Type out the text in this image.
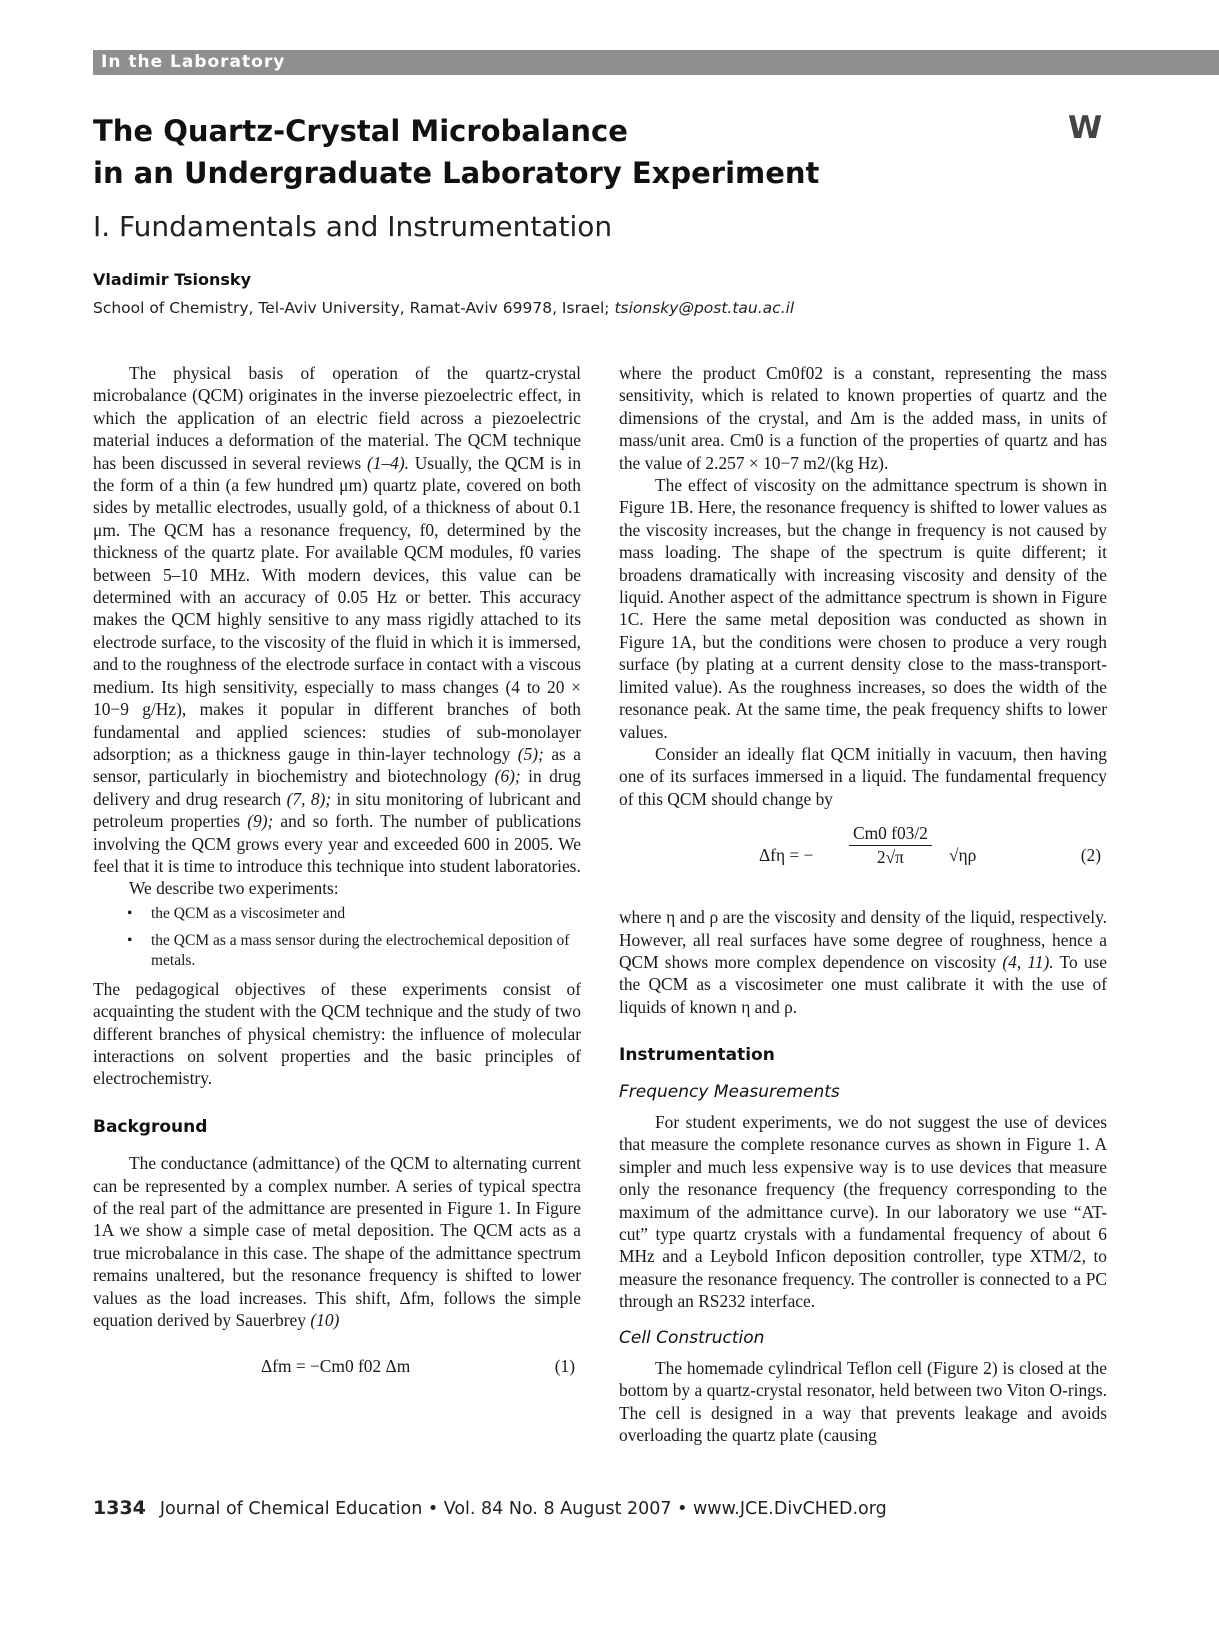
In the Laboratory
The Quartz-Crystal Microbalance
in an Undergraduate Laboratory Experiment
W
I. Fundamentals and Instrumentation
Vladimir Tsionsky
School of Chemistry, Tel-Aviv University, Ramat-Aviv 69978, Israel; tsionsky@post.tau.ac.il

The physical basis of operation of the quartz-crystal microbalance (QCM) originates in the inverse piezoelectric effect, in which the application of an electric field across a piezoelectric material induces a deformation of the material. The QCM technique has been discussed in several reviews (1–4). Usually, the QCM is in the form of a thin (a few hundred μm) quartz plate, covered on both sides by metallic electrodes, usually gold, of a thickness of about 0.1 μm. The QCM has a resonance frequency, f0, determined by the thickness of the quartz plate. For available QCM modules, f0 varies between 5–10 MHz. With modern devices, this value can be determined with an accuracy of 0.05 Hz or better. This accuracy makes the QCM highly sensitive to any mass rigidly attached to its electrode surface, to the viscosity of the fluid in which it is immersed, and to the roughness of the electrode surface in contact with a viscous medium. Its high sensitivity, especially to mass changes (4 to 20 × 10−9 g/Hz), makes it popular in different branches of both fundamental and applied sciences: studies of sub-monolayer adsorption; as a thickness gauge in thin-layer technology (5); as a sensor, particularly in biochemistry and biotechnology (6); in drug delivery and drug research (7, 8); in situ monitoring of lubricant and petroleum properties (9); and so forth. The number of publications involving the QCM grows every year and exceeded 600 in 2005. We feel that it is time to introduce this technique into student laboratories.

We describe two experiments:

• the QCM as a viscosimeter and
• the QCM as a mass sensor during the electrochemical deposition of metals.

The pedagogical objectives of these experiments consist of acquainting the student with the QCM technique and the study of two different branches of physical chemistry: the influence of molecular interactions on solvent properties and the basic principles of electrochemistry.

Background

The conductance (admittance) of the QCM to alternating current can be represented by a complex number. A series of typical spectra of the real part of the admittance are presented in Figure 1. In Figure 1A we show a simple case of metal deposition. The QCM acts as a true microbalance in this case. The shape of the admittance spectrum remains unaltered, but the resonance frequency is shifted to lower values as the load increases. This shift, Δfm, follows the simple equation derived by Sauerbrey (10)

Δfm = −Cm0 f02 Δm	(1)

where the product Cm0f02 is a constant, representing the mass sensitivity, which is related to known properties of quartz and the dimensions of the crystal, and Δm is the added mass, in units of mass/unit area. Cm0 is a function of the properties of quartz and has the value of 2.257 × 10−7 m2/(kg Hz).

The effect of viscosity on the admittance spectrum is shown in Figure 1B. Here, the resonance frequency is shifted to lower values as the viscosity increases, but the change in frequency is not caused by mass loading. The shape of the spectrum is quite different; it broadens dramatically with increasing viscosity and density of the liquid. Another aspect of the admittance spectrum is shown in Figure 1C. Here the same metal deposition was conducted as shown in Figure 1A, but the conditions were chosen to produce a very rough surface (by plating at a current density close to the mass-transport-limited value). As the roughness increases, so does the width of the resonance peak. At the same time, the peak frequency shifts to lower values.

Consider an ideally flat QCM initially in vacuum, then having one of its surfaces immersed in a liquid. The fundamental frequency of this QCM should change by

Δfη = − $\frac{Cm0 f03/2}{2√\pi} √\eta\rho$	(2)

where η and ρ are the viscosity and density of the liquid, respectively. However, all real surfaces have some degree of roughness, hence a QCM shows more complex dependence on viscosity (4, 11). To use the QCM as a viscosimeter one must calibrate it with the use of liquids of known η and ρ.

Instrumentation
Frequency Measurements

For student experiments, we do not suggest the use of devices that measure the complete resonance curves as shown in Figure 1. A simpler and much less expensive way is to use devices that measure only the resonance frequency (the frequency corresponding to the maximum of the admittance curve). In our laboratory we use “AT-cut” type quartz crystals with a fundamental frequency of about 6 MHz and a Leybold Inficon deposition controller, type XTM/2, to measure the resonance frequency. The controller is connected to a PC through an RS232 interface.

Cell Construction

The homemade cylindrical Teflon cell (Figure 2) is closed at the bottom by a quartz-crystal resonator, held between two Viton O-rings. The cell is designed in a way that prevents leakage and avoids overloading the quartz plate (causing

1334 Journal of Chemical Education • Vol. 84 No. 8 August 2007 • www.JCE.DivCHED.org
